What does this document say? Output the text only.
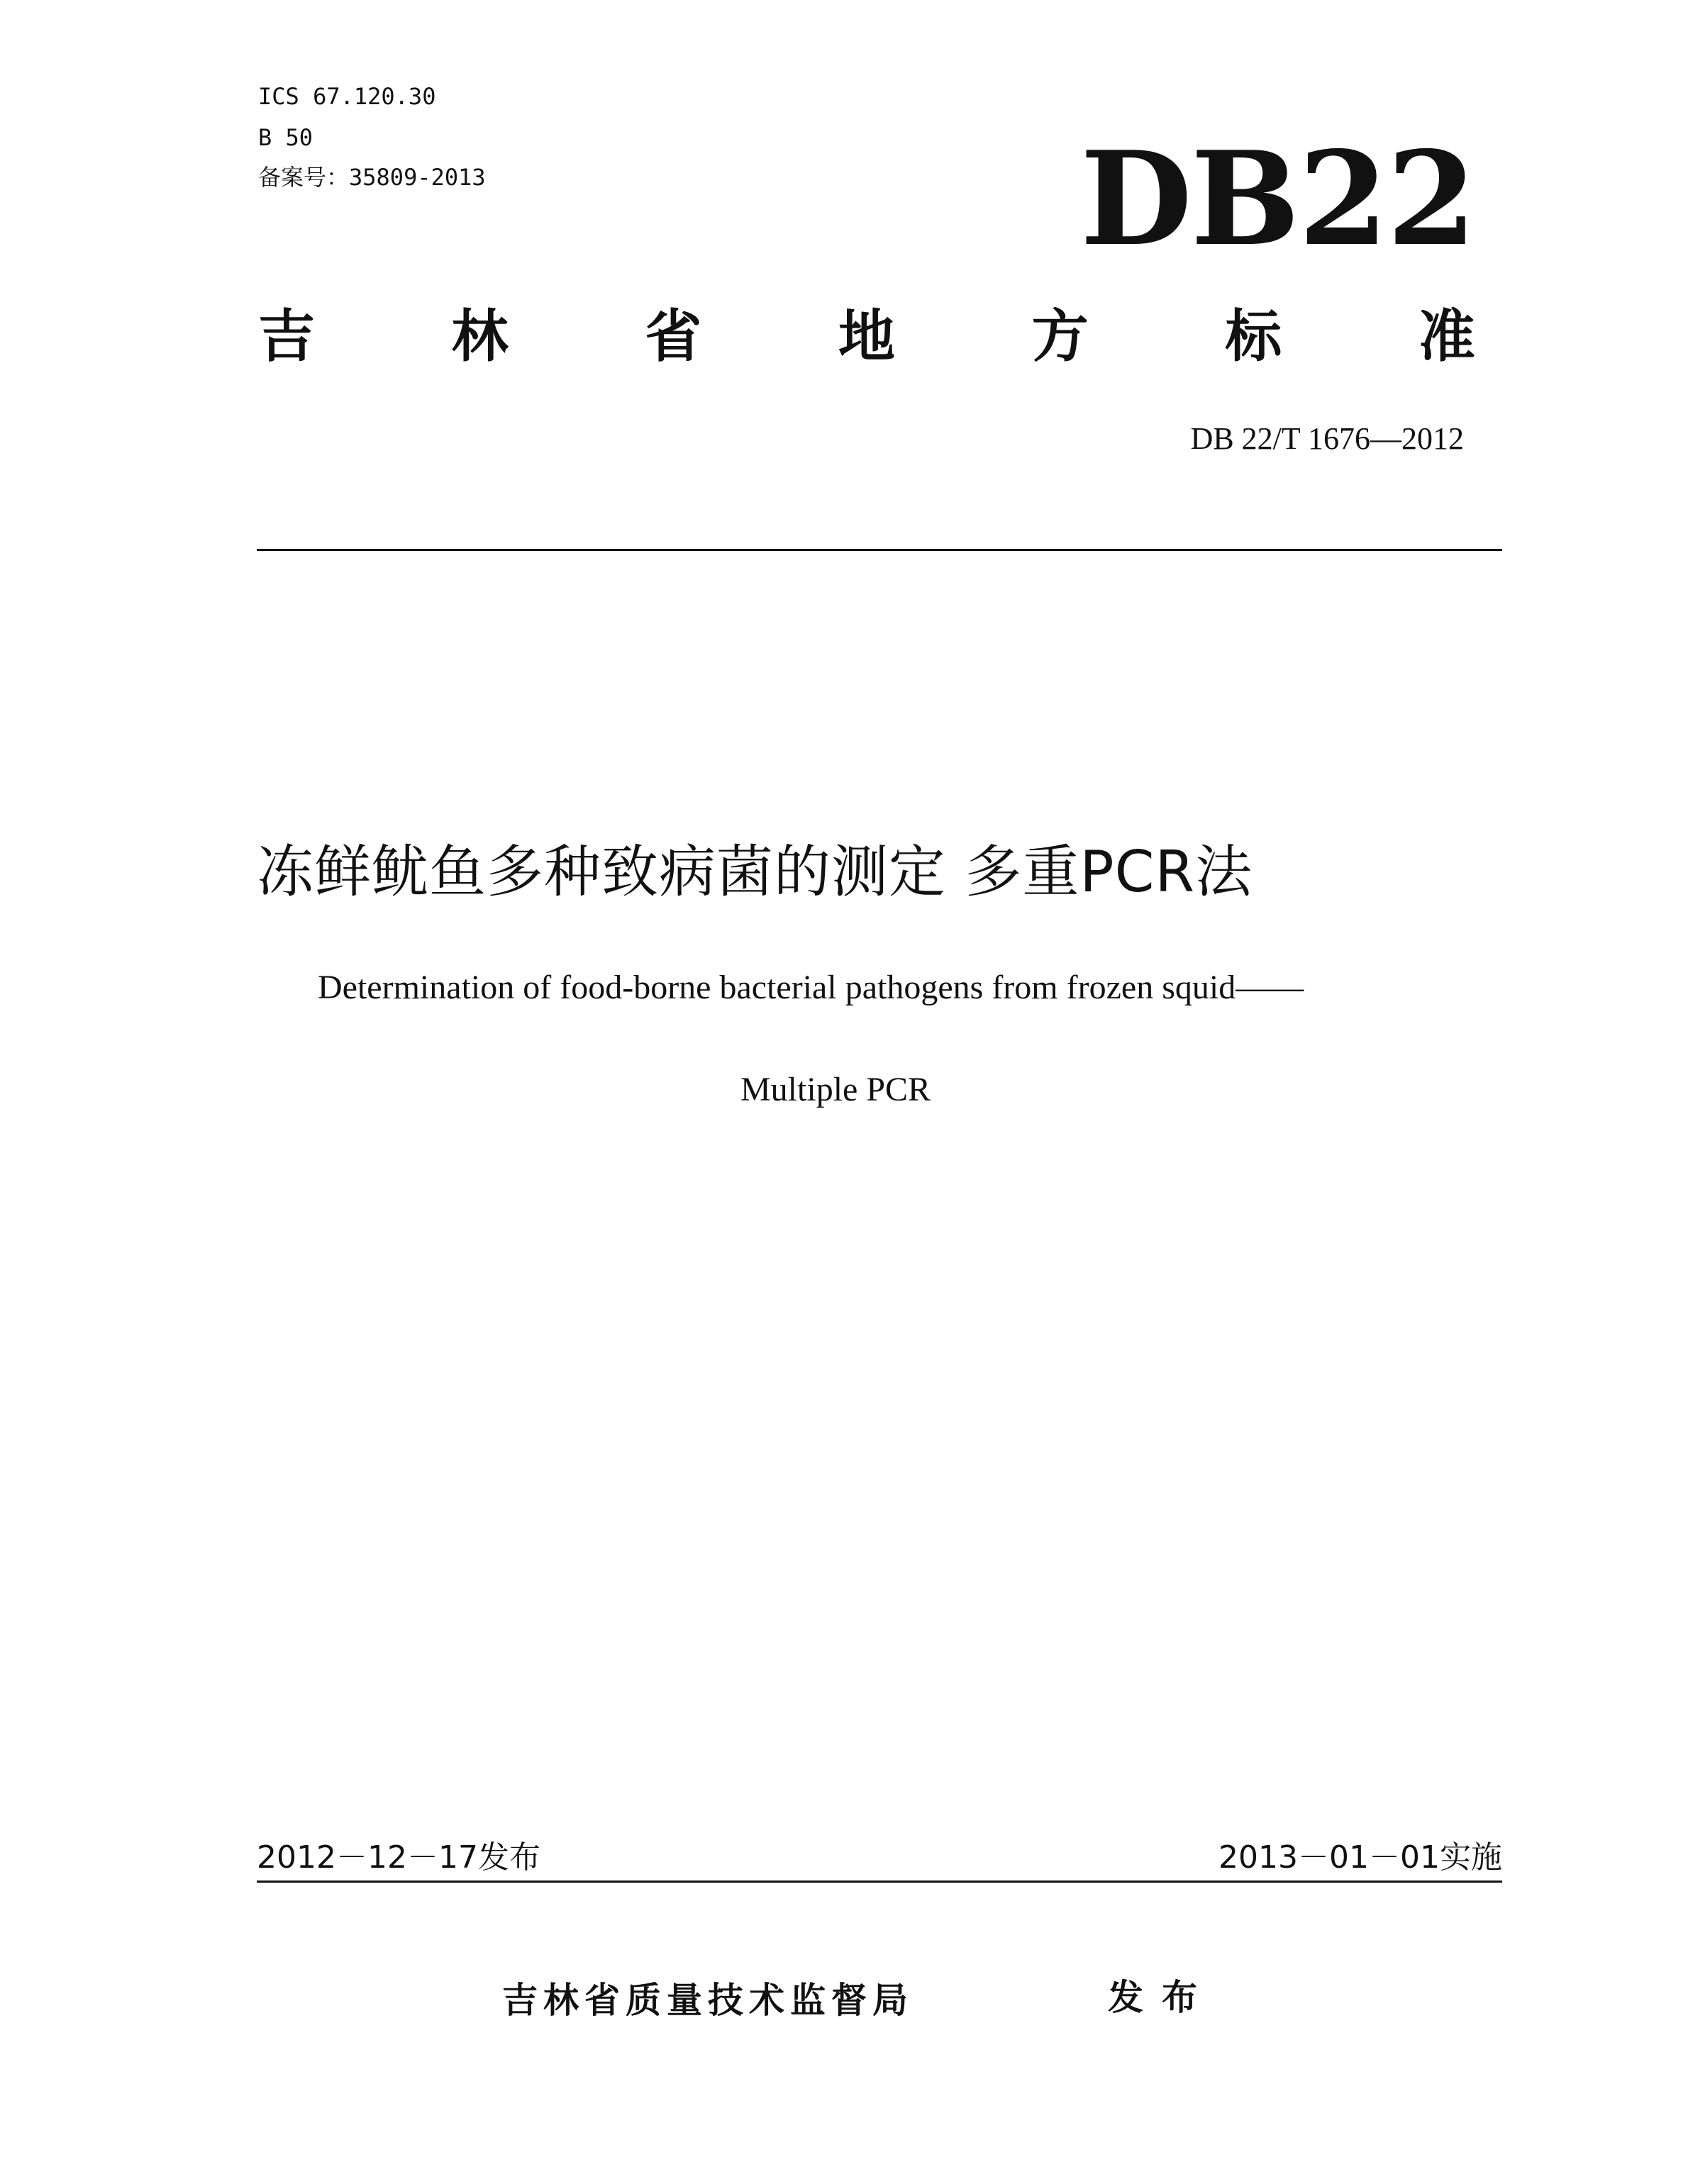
ICS 67.120.30
B 50
备案号：35809-2013	DB22
吉 林 省 地 方 标 准
DB 22/T 1676—2012
冻鲜鱿鱼多种致病菌的测定 多重PCR法
Determination of food-borne bacterial pathogens from frozen squid——
Multiple PCR
2012－12－17发布	2013－01－01实施
吉林省质量技术监督局	发布
